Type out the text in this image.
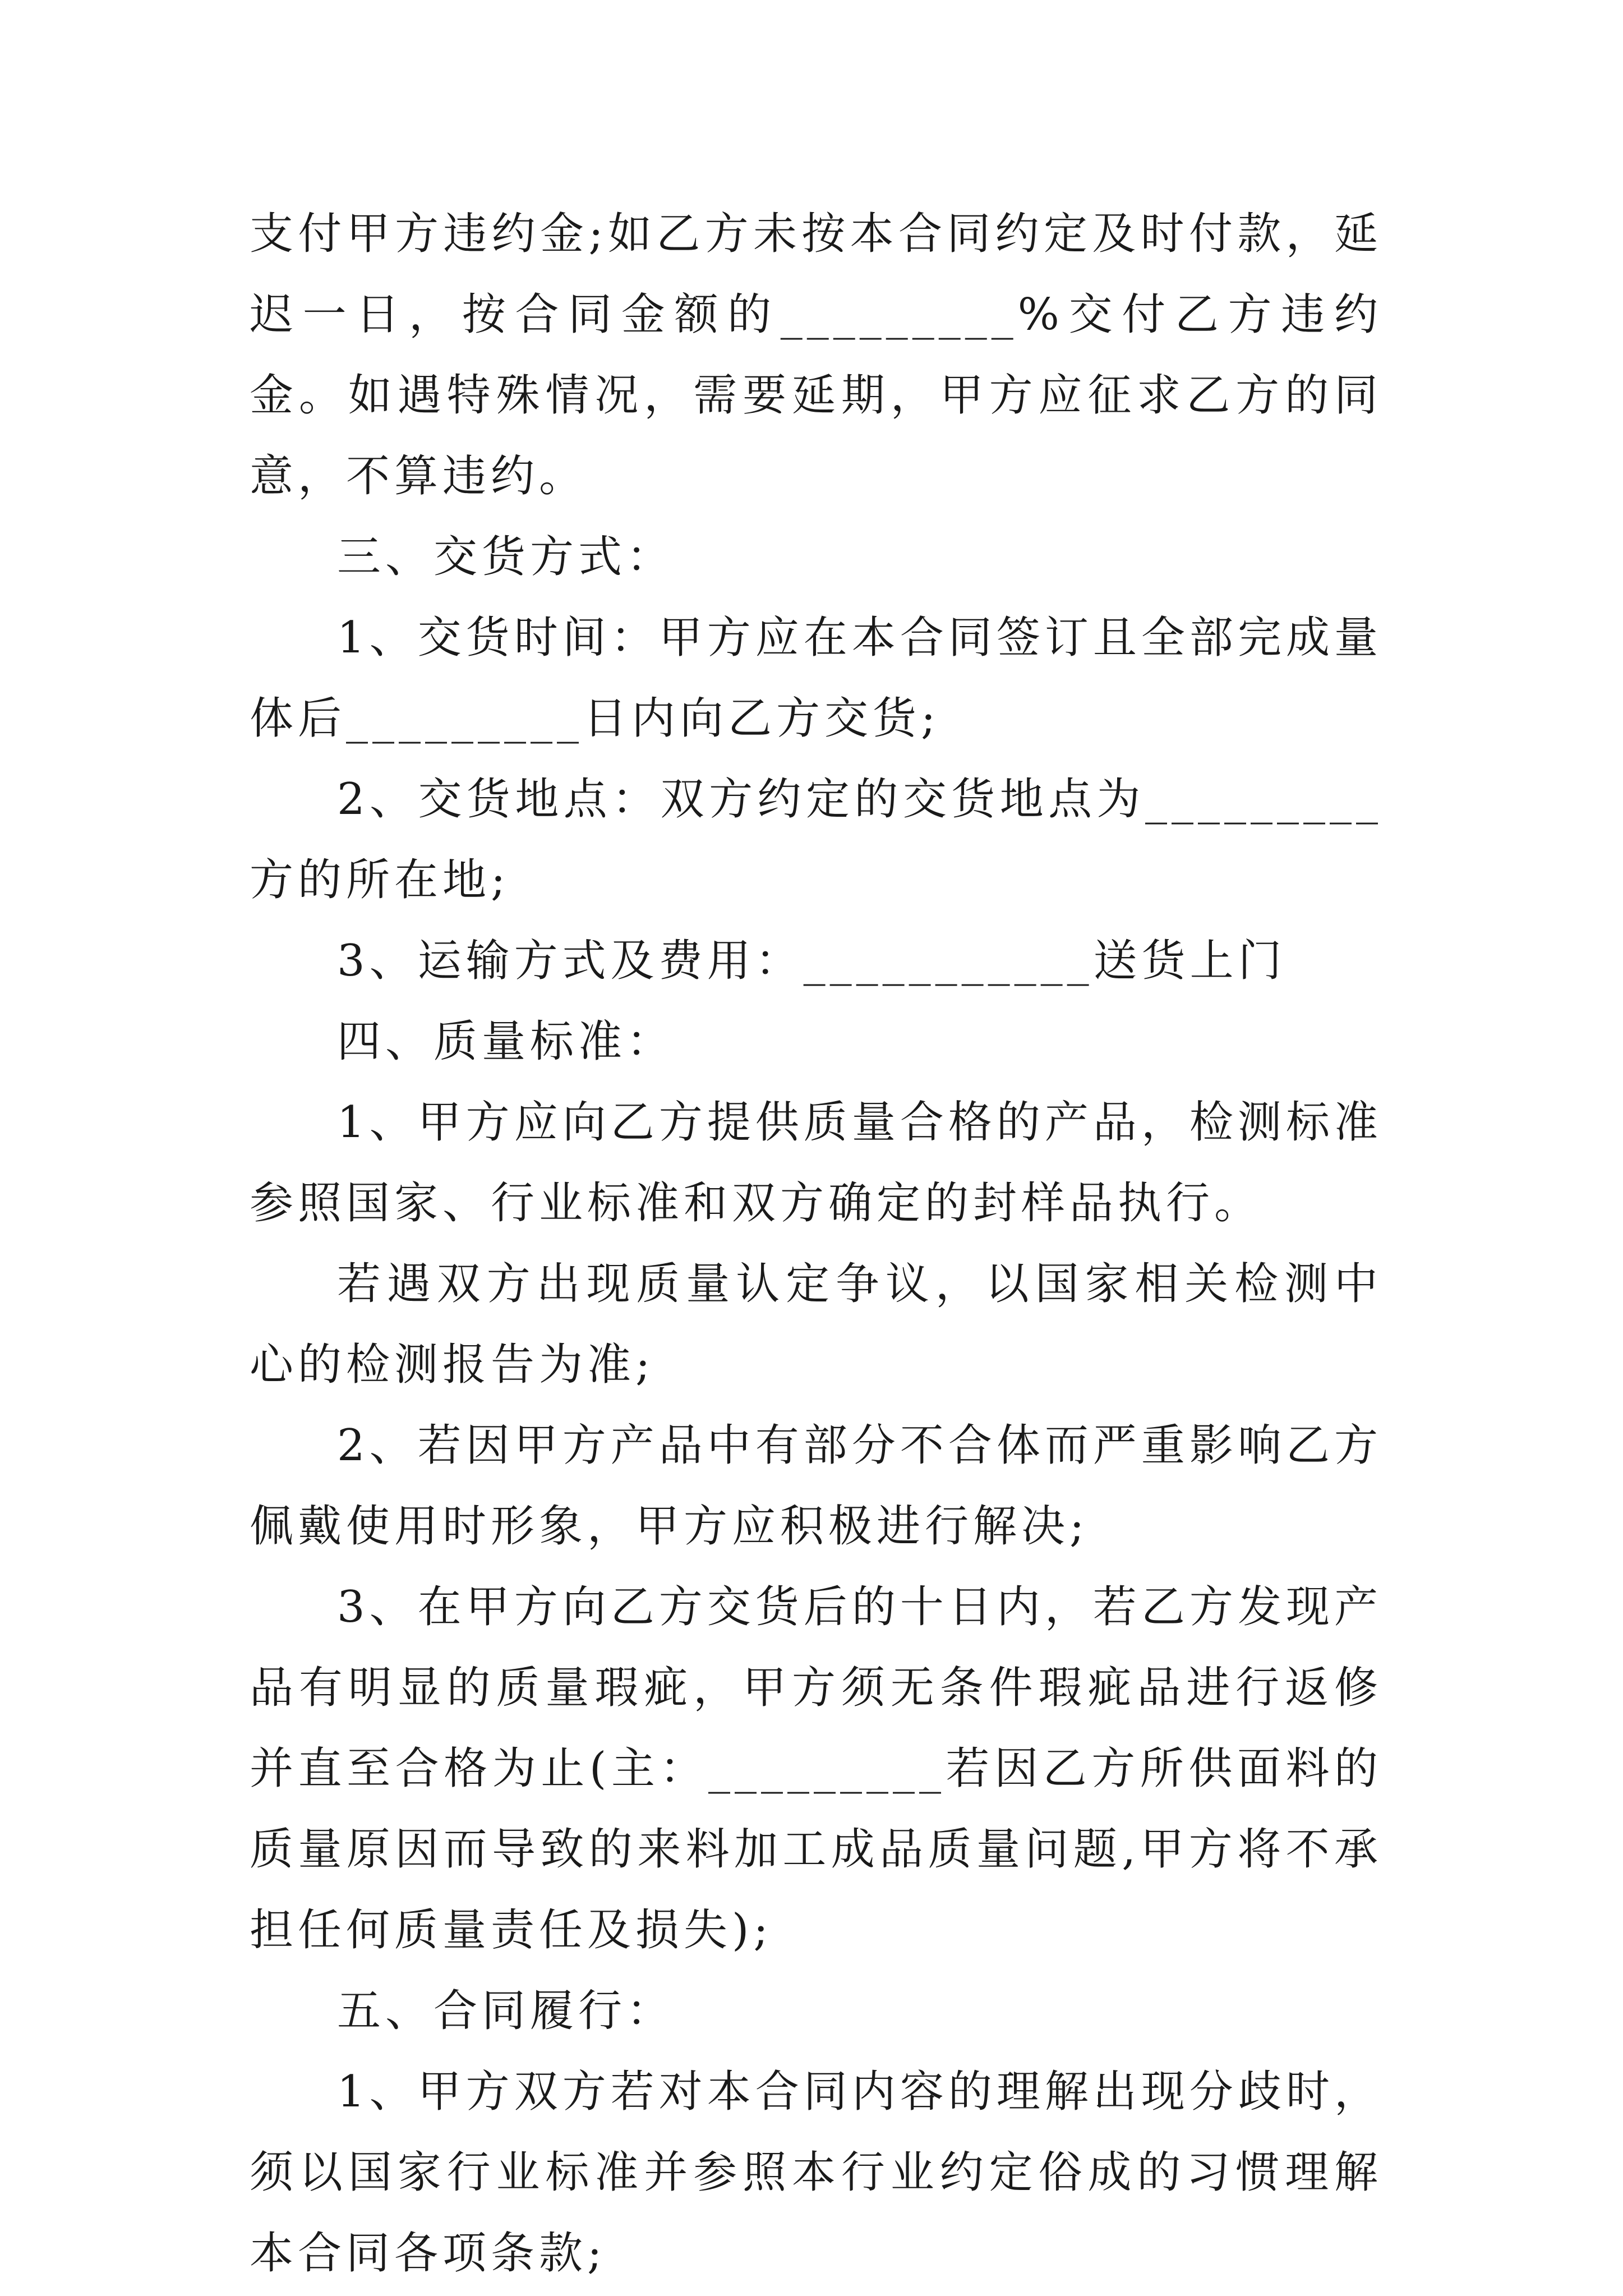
支付甲方违约金;如乙方未按本合同约定及时付款，延迟一日，按合同金额的_________%交付乙方违约金。如遇特殊情况，需要延期，甲方应征求乙方的同意，不算违约。

三、交货方式：

1、交货时间：甲方应在本合同签订且全部完成量体后_________日内向乙方交货;

2、交货地点：双方约定的交货地点为_________方的所在地;

3、运输方式及费用：___________送货上门

四、质量标准：

1、甲方应向乙方提供质量合格的产品，检测标准参照国家、行业标准和双方确定的封样品执行。

若遇双方出现质量认定争议，以国家相关检测中心的检测报告为准;

2、若因甲方产品中有部分不合体而严重影响乙方佩戴使用时形象，甲方应积极进行解决;

3、在甲方向乙方交货后的十日内，若乙方发现产品有明显的质量瑕疵，甲方须无条件瑕疵品进行返修并直至合格为止(主：_________若因乙方所供面料的质量原因而导致的来料加工成品质量问题,甲方将不承担任何质量责任及损失);

五、合同履行：

1、甲方双方若对本合同内容的理解出现分歧时，须以国家行业标准并参照本行业约定俗成的习惯理解本合同各项条款;
